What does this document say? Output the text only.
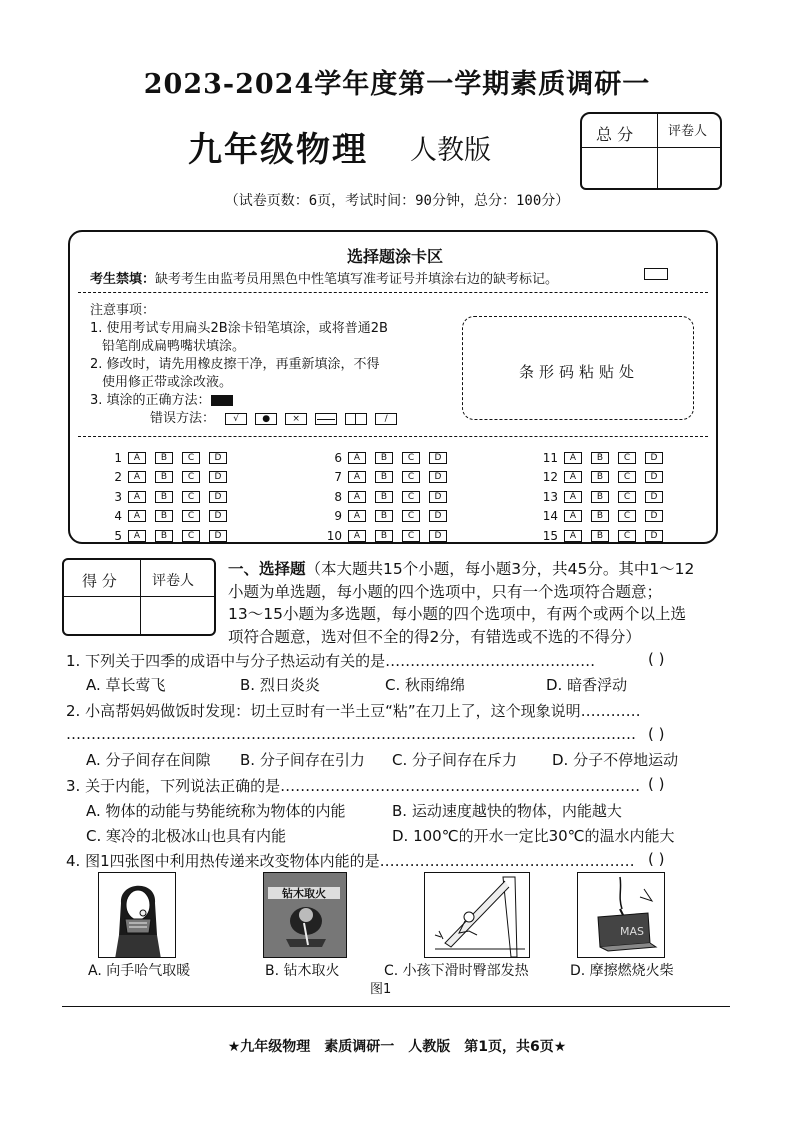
2023-2024学年度第一学期素质调研一
九年级物理 人教版
总 分	评卷人
（试卷页数：6页，考试时间：90分钟，总分：100分）
选择题涂卡区
考生禁填：缺考考生由监考员用黑色中性笔填写准考证号并填涂右边的缺考标记。
注意事项：
1. 使用考试专用扁头2B涂卡铅笔填涂，或将普通2B
铅笔削成扁鸭嘴状填涂。
2. 修改时，请先用橡皮擦干净，再重新填涂，不得
使用修正带或涂改液。
3. 填涂的正确方法：
错误方法：	√	●	×	/
条形码粘贴处
1	A	B	C	D
2	A	B	C	D
3	A	B	C	D
4	A	B	C	D
5	A	B	C	D
6	A	B	C	D
7	A	B	C	D
8	A	B	C	D
9	A	B	C	D
10	A	B	C	D
11	A	B	C	D
12	A	B	C	D
13	A	B	C	D
14	A	B	C	D
15	A	B	C	D
得 分	评卷人
一、选择题（本大题共15个小题，每小题3分，共45分。其中1～12
小题为单选题，每小题的四个选项中，只有一个选项符合题意；
13～15小题为多选题，每小题的四个选项中，有两个或两个以上选
项符合题意，选对但不全的得2分，有错选或不选的不得分）
1. 下列关于四季的成语中与分子热运动有关的是……………………………………	( )
A. 草长莺飞	B. 烈日炎炎	C. 秋雨绵绵	D. 暗香浮动
2. 小高帮妈妈做饭时发现：切土豆时有一半土豆“粘”在刀上了，这个现象说明…………
…………………………………………………………………………………………………… ( )
A. 分子间存在间隙 B. 分子间存在引力 C. 分子间存在斥力 D. 分子不停地运动
3. 关于内能，下列说法正确的是……………………………………………………………… ( )
A. 物体的动能与势能统称为物体的内能	B. 运动速度越快的物体，内能越大
C. 寒冷的北极冰山也具有内能	D. 100℃的开水一定比30℃的温水内能大
4. 图1四张图中利用热传递来改变物体内能的是…………………………………………… ( )
钻木取火
MAS
A. 向手哈气取暖	B. 钻木取火	C. 小孩下滑时臀部发热	D. 摩擦燃烧火柴
图1
★九年级物理　素质调研一　人教版　第1页，共6页★
